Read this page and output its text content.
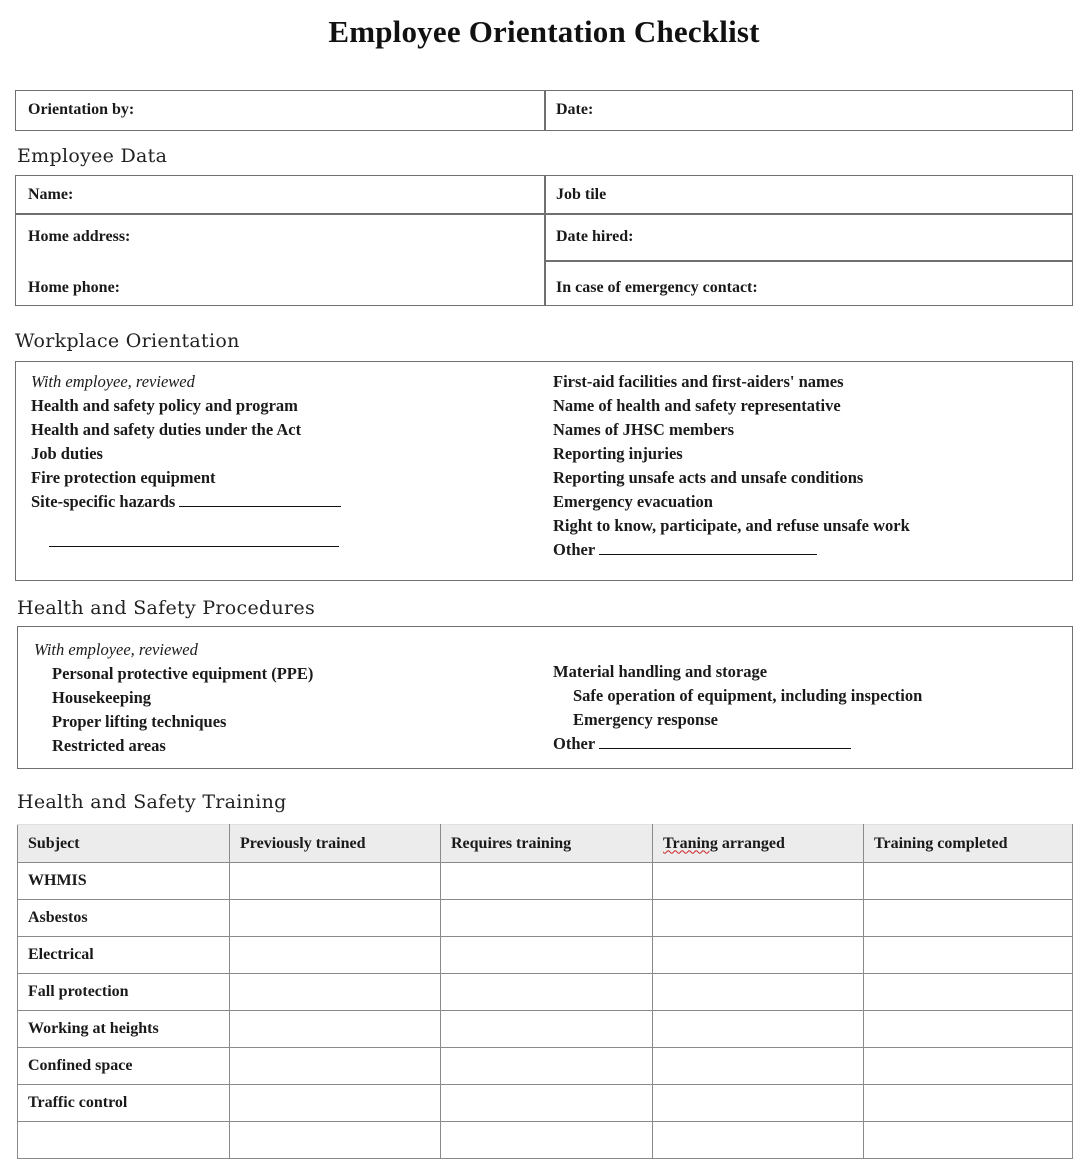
Employee Orientation Checklist
Orientation by:	Date:
Employee Data
Name:	Job tile
Home address:	Date hired:
Home phone:	In case of emergency contact:
Workplace Orientation
With employee, reviewed
Health and safety policy and program
Health and safety duties under the Act
Job duties
Fire protection equipment
Site-specific hazards
First-aid facilities and first-aiders' names
Name of health and safety representative
Names of JHSC members
Reporting injuries
Reporting unsafe acts and unsafe conditions
Emergency evacuation
Right to know, participate, and refuse unsafe work
Other
Health and Safety Procedures
With employee, reviewed
Personal protective equipment (PPE)
Housekeeping
Proper lifting techniques
Restricted areas
Material handling and storage
Safe operation of equipment, including inspection
Emergency response
Other
Health and Safety Training
Subject	Previously trained	Requires training	Traning arranged	Training completed
WHMIS				
Asbestos				
Electrical				
Fall protection				
Working at heights				
Confined space				
Traffic control				
